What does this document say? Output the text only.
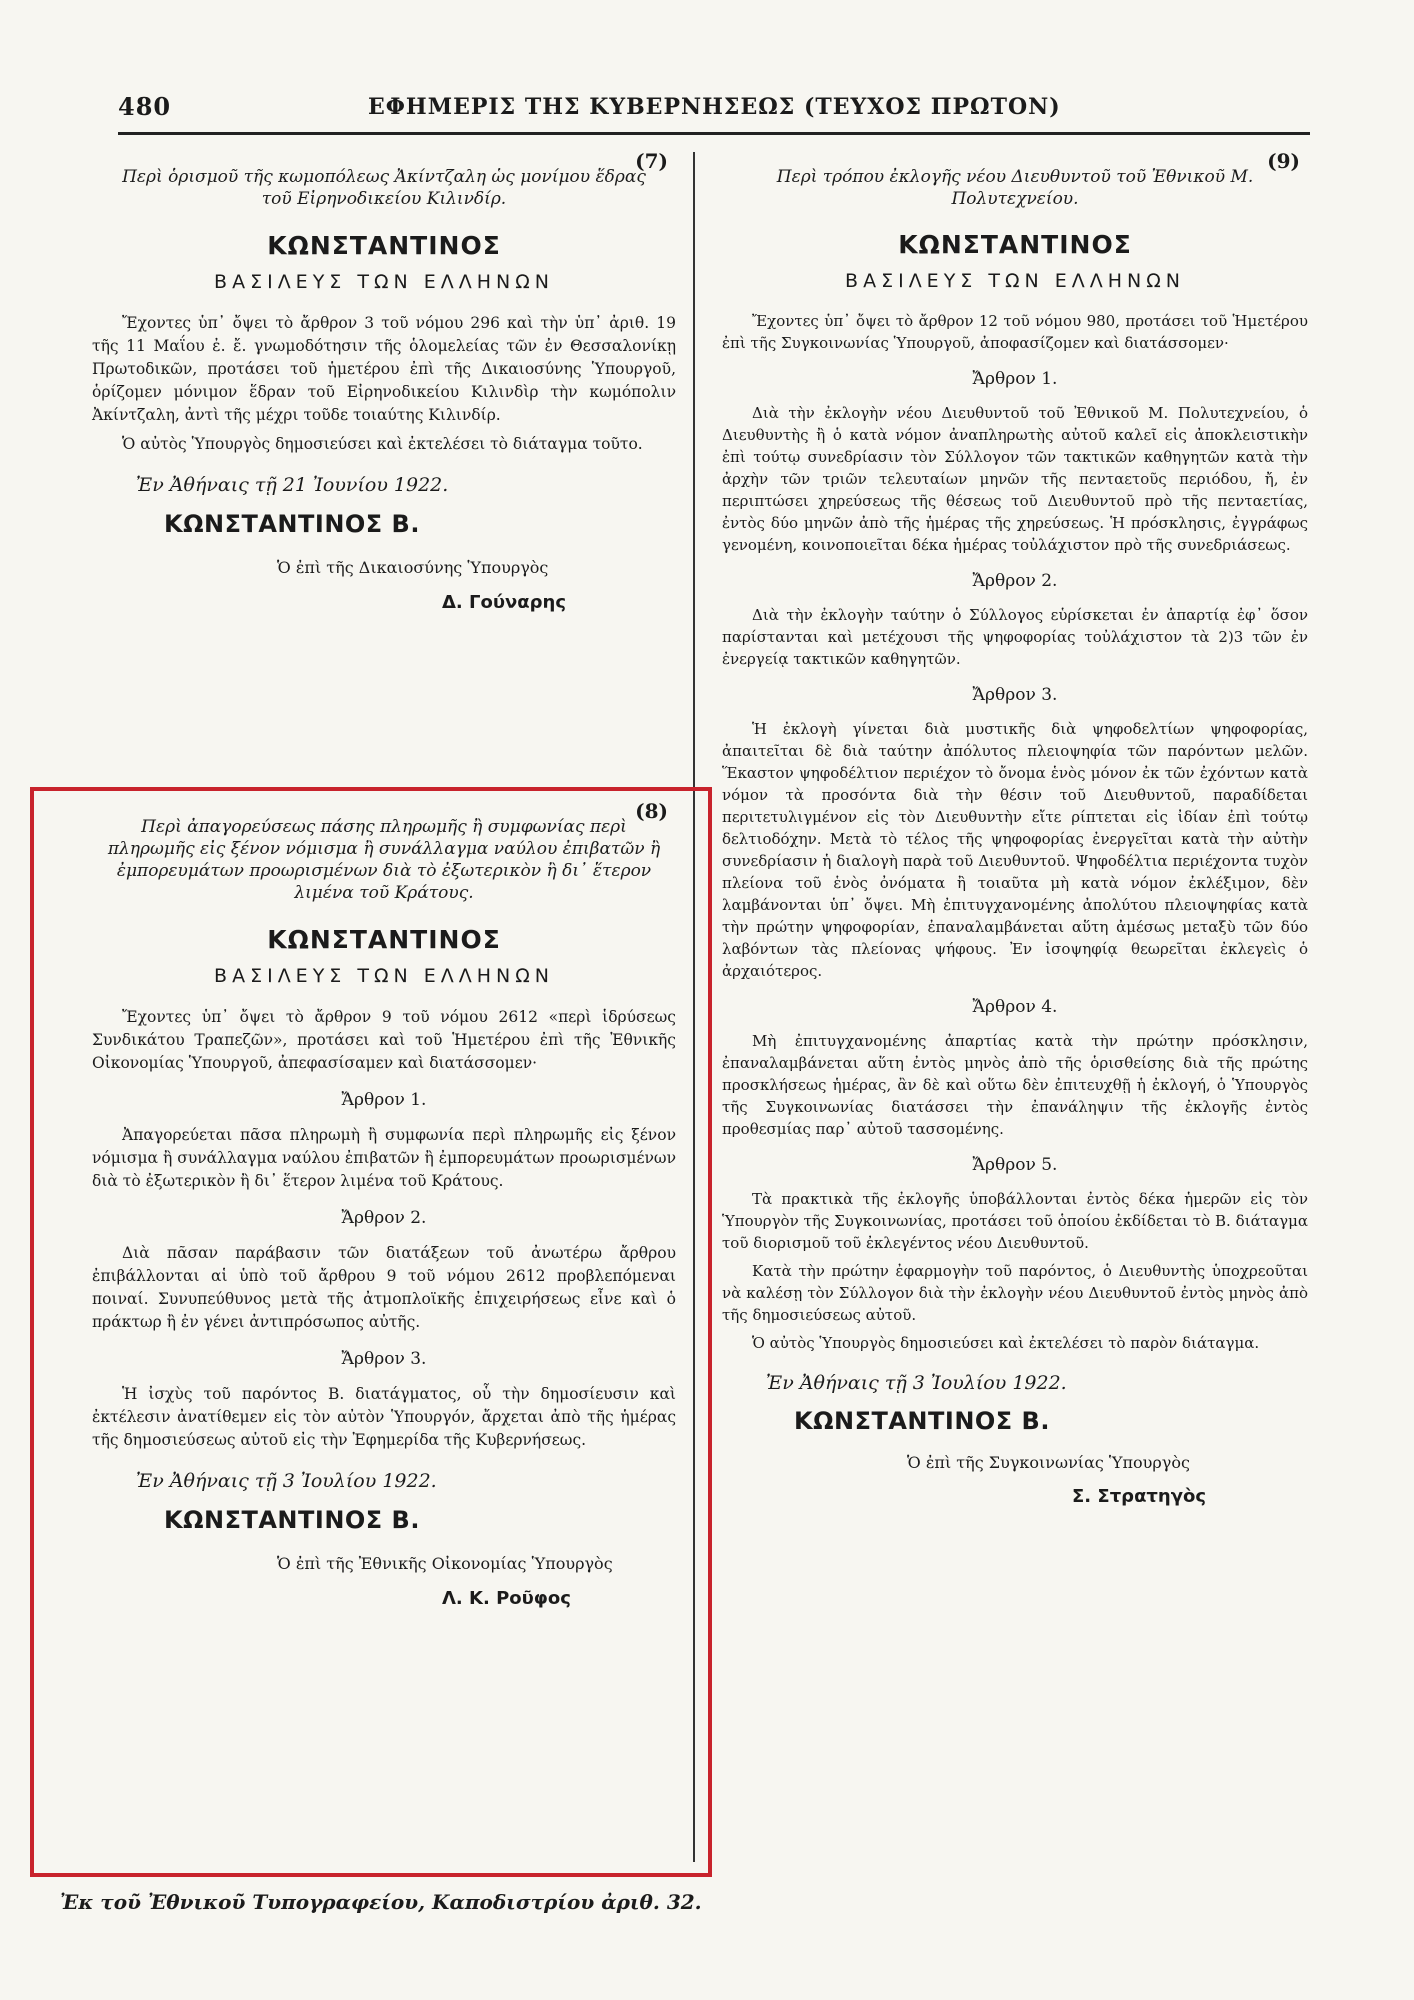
480	ΕΦΗΜΕΡΙΣ ΤΗΣ ΚΥΒΕΡΝΗΣΕΩΣ (ΤΕΥΧΟΣ ΠΡΩΤΟΝ)
(7)

Περὶ ὁρισμοῦ τῆς κωμοπόλεως Ἀκίντζαλη ὡς μονίμου ἕδρας τοῦ Εἰρηνοδικείου Κιλινδίρ.

ΚΩΝΣΤΑΝΤΙΝΟΣ
ΒΑΣΙΛΕΥΣ ΤΩΝ ΕΛΛΗΝΩΝ

Ἔχοντες ὑπ᾽ ὄψει τὸ ἄρθρον 3 τοῦ νόμου 296 καὶ τὴν ὑπ᾽ ἀριθ. 19 τῆς 11 Μαΐου ἐ. ἔ. γνωμοδότησιν τῆς ὁλομελείας τῶν ἐν Θεσσαλονίκῃ Πρωτοδικῶν, προτάσει τοῦ ἡμετέρου ἐπὶ τῆς Δικαιοσύνης Ὑπουργοῦ, ὁρίζομεν μόνιμον ἕδραν τοῦ Εἰρηνοδικείου Κιλινδὶρ τὴν κωμόπολιν Ἀκίντζαλη, ἀντὶ τῆς μέχρι τοῦδε τοιαύτης Κιλινδίρ.

Ὁ αὐτὸς Ὑπουργὸς δημοσιεύσει καὶ ἐκτελέσει τὸ διάταγμα τοῦτο.

Ἐν Ἀθήναις τῇ 21 Ἰουνίου 1922.
ΚΩΝΣΤΑΝΤΙΝΟΣ Β.
Ὁ ἐπὶ τῆς Δικαιοσύνης Ὑπουργὸς
Δ. Γούναρης
(8)

Περὶ ἀπαγορεύσεως πάσης πληρωμῆς ἢ συμφωνίας περὶ πληρωμῆς εἰς ξένον νόμισμα ἢ συνάλλαγμα ναύλου ἐπιβατῶν ἢ ἐμπορευμάτων προωρισμένων διὰ τὸ ἐξωτερικὸν ἢ δι᾽ ἕτερον λιμένα τοῦ Κράτους.

ΚΩΝΣΤΑΝΤΙΝΟΣ
ΒΑΣΙΛΕΥΣ ΤΩΝ ΕΛΛΗΝΩΝ

Ἔχοντες ὑπ᾽ ὄψει τὸ ἄρθρον 9 τοῦ νόμου 2612 «περὶ ἱδρύσεως Συνδικάτου Τραπεζῶν», προτάσει καὶ τοῦ Ἡμετέρου ἐπὶ τῆς Ἐθνικῆς Οἰκονομίας Ὑπουργοῦ, ἀπεφασίσαμεν καὶ διατάσσομεν·

Ἄρθρον 1.

Ἀπαγορεύεται πᾶσα πληρωμὴ ἢ συμφωνία περὶ πληρωμῆς εἰς ξένον νόμισμα ἢ συνάλλαγμα ναύλου ἐπιβατῶν ἢ ἐμπορευμάτων προωρισμένων διὰ τὸ ἐξωτερικὸν ἢ δι᾽ ἕτερον λιμένα τοῦ Κράτους.

Ἄρθρον 2.

Διὰ πᾶσαν παράβασιν τῶν διατάξεων τοῦ ἀνωτέρω ἄρθρου ἐπιβάλλονται αἱ ὑπὸ τοῦ ἄρθρου 9 τοῦ νόμου 2612 προβλεπόμεναι ποιναί. Συνυπεύθυνος μετὰ τῆς ἀτμοπλοϊκῆς ἐπιχειρήσεως εἶνε καὶ ὁ πράκτωρ ἢ ἐν γένει ἀντιπρόσωπος αὐτῆς.

Ἄρθρον 3.

Ἡ ἰσχὺς τοῦ παρόντος Β. διατάγματος, οὗ τὴν δημοσίευσιν καὶ ἐκτέλεσιν ἀνατίθεμεν εἰς τὸν αὐτὸν Ὑπουργόν, ἄρχεται ἀπὸ τῆς ἡμέρας τῆς δημοσιεύσεως αὐτοῦ εἰς τὴν Ἐφημερίδα τῆς Κυβερνήσεως.

Ἐν Ἀθήναις τῇ 3 Ἰουλίου 1922.
ΚΩΝΣΤΑΝΤΙΝΟΣ Β.
Ὁ ἐπὶ τῆς Ἐθνικῆς Οἰκονομίας Ὑπουργὸς
Λ. Κ. Ροῦφος
(9)

Περὶ τρόπου ἐκλογῆς νέου Διευθυντοῦ τοῦ Ἐθνικοῦ Μ. Πολυτεχνείου.

ΚΩΝΣΤΑΝΤΙΝΟΣ
ΒΑΣΙΛΕΥΣ ΤΩΝ ΕΛΛΗΝΩΝ

Ἔχοντες ὑπ᾽ ὄψει τὸ ἄρθρον 12 τοῦ νόμου 980, προτάσει τοῦ Ἡμετέρου ἐπὶ τῆς Συγκοινωνίας Ὑπουργοῦ, ἀποφασίζομεν καὶ διατάσσομεν·

Ἄρθρον 1.

Διὰ τὴν ἐκλογὴν νέου Διευθυντοῦ τοῦ Ἐθνικοῦ Μ. Πολυτεχνείου, ὁ Διευθυντὴς ἢ ὁ κατὰ νόμον ἀναπληρωτὴς αὐτοῦ καλεῖ εἰς ἀποκλειστικὴν ἐπὶ τούτῳ συνεδρίασιν τὸν Σύλλογον τῶν τακτικῶν καθηγητῶν κατὰ τὴν ἀρχὴν τῶν τριῶν τελευταίων μηνῶν τῆς πενταετοῦς περιόδου, ἤ, ἐν περιπτώσει χηρεύσεως τῆς θέσεως τοῦ Διευθυντοῦ πρὸ τῆς πενταετίας, ἐντὸς δύο μηνῶν ἀπὸ τῆς ἡμέρας τῆς χηρεύσεως. Ἡ πρόσκλησις, ἐγγράφως γενομένη, κοινοποιεῖται δέκα ἡμέρας τοὐλάχιστον πρὸ τῆς συνεδριάσεως.

Ἄρθρον 2.

Διὰ τὴν ἐκλογὴν ταύτην ὁ Σύλλογος εὑρίσκεται ἐν ἀπαρτίᾳ ἐφ᾽ ὅσον παρίστανται καὶ μετέχουσι τῆς ψηφοφορίας τοὐλάχιστον τὰ 2)3 τῶν ἐν ἐνεργείᾳ τακτικῶν καθηγητῶν.

Ἄρθρον 3.

Ἡ ἐκλογὴ γίνεται διὰ μυστικῆς διὰ ψηφοδελτίων ψηφοφορίας, ἀπαιτεῖται δὲ διὰ ταύτην ἀπόλυτος πλειοψηφία τῶν παρόντων μελῶν. Ἕκαστον ψηφοδέλτιον περιέχον τὸ ὄνομα ἑνὸς μόνον ἐκ τῶν ἐχόντων κατὰ νόμον τὰ προσόντα διὰ τὴν θέσιν τοῦ Διευθυντοῦ, παραδίδεται περιτετυλιγμένον εἰς τὸν Διευθυντὴν εἴτε ρίπτεται εἰς ἰδίαν ἐπὶ τούτῳ δελτιοδόχην. Μετὰ τὸ τέλος τῆς ψηφοφορίας ἐνεργεῖται κατὰ τὴν αὐτὴν συνεδρίασιν ἡ διαλογὴ παρὰ τοῦ Διευθυντοῦ. Ψηφοδέλτια περιέχοντα τυχὸν πλείονα τοῦ ἑνὸς ὀνόματα ἢ τοιαῦτα μὴ κατὰ νόμον ἐκλέξιμον, δὲν λαμβάνονται ὑπ᾽ ὄψει. Μὴ ἐπιτυγχανομένης ἀπολύτου πλειοψηφίας κατὰ τὴν πρώτην ψηφοφορίαν, ἐπαναλαμβάνεται αὕτη ἀμέσως μεταξὺ τῶν δύο λαβόντων τὰς πλείονας ψήφους. Ἐν ἰσοψηφίᾳ θεωρεῖται ἐκλεγεὶς ὁ ἀρχαιότερος.

Ἄρθρον 4.

Μὴ ἐπιτυγχανομένης ἀπαρτίας κατὰ τὴν πρώτην πρόσκλησιν, ἐπαναλαμβάνεται αὕτη ἐντὸς μηνὸς ἀπὸ τῆς ὁρισθείσης διὰ τῆς πρώτης προσκλήσεως ἡμέρας, ἂν δὲ καὶ οὕτω δὲν ἐπιτευχθῇ ἡ ἐκλογή, ὁ Ὑπουργὸς τῆς Συγκοινωνίας διατάσσει τὴν ἐπανάληψιν τῆς ἐκλογῆς ἐντὸς προθεσμίας παρ᾽ αὐτοῦ τασσομένης.

Ἄρθρον 5.

Τὰ πρακτικὰ τῆς ἐκλογῆς ὑποβάλλονται ἐντὸς δέκα ἡμερῶν εἰς τὸν Ὑπουργὸν τῆς Συγκοινωνίας, προτάσει τοῦ ὁποίου ἐκδίδεται τὸ Β. διάταγμα τοῦ διορισμοῦ τοῦ ἐκλεγέντος νέου Διευθυντοῦ.

Κατὰ τὴν πρώτην ἐφαρμογὴν τοῦ παρόντος, ὁ Διευθυντὴς ὑποχρεοῦται νὰ καλέσῃ τὸν Σύλλογον διὰ τὴν ἐκλογὴν νέου Διευθυντοῦ ἐντὸς μηνὸς ἀπὸ τῆς δημοσιεύσεως αὐτοῦ.

Ὁ αὐτὸς Ὑπουργὸς δημοσιεύσει καὶ ἐκτελέσει τὸ παρὸν διάταγμα.

Ἐν Ἀθήναις τῇ 3 Ἰουλίου 1922.
ΚΩΝΣΤΑΝΤΙΝΟΣ Β.
Ὁ ἐπὶ τῆς Συγκοινωνίας Ὑπουργὸς
Σ. Στρατηγὸς
Ἐκ τοῦ Ἐθνικοῦ Τυπογραφείου, Καποδιστρίου ἀριθ. 32.
